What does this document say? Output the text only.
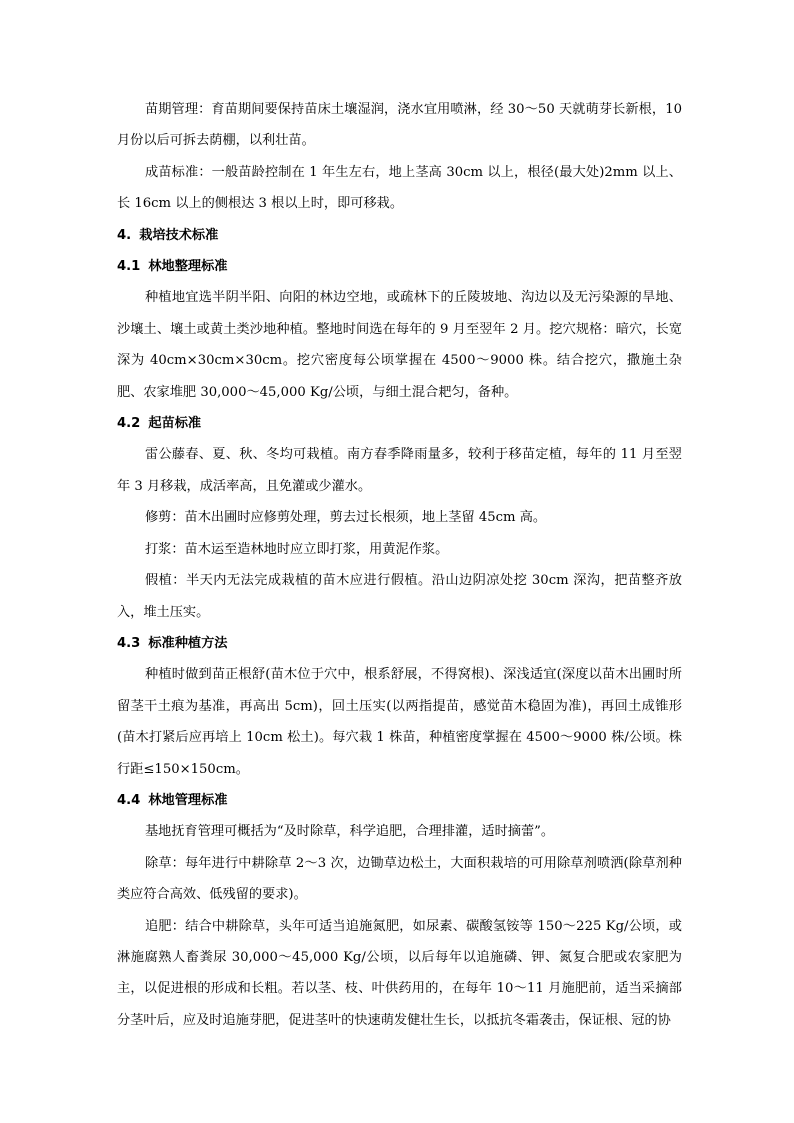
苗期管理：育苗期间要保持苗床土壤湿润，浇水宜用喷淋，经 30～50 天就萌芽长新根，10 月份以后可拆去荫棚，以利壮苗。

成苗标准：一般苗龄控制在 1 年生左右，地上茎高 30cm 以上，根径(最大处)2mm 以上、长 16cm 以上的侧根达 3 根以上时，即可移栽。

4. 栽培技术标准

4.1 林地整理标准

种植地宜选半阴半阳、向阳的林边空地，或疏林下的丘陵坡地、沟边以及无污染源的旱地、沙壤土、壤土或黄土类沙地种植。整地时间选在每年的 9 月至翌年 2 月。挖穴规格：暗穴，长宽深为 40cm×30cm×30cm。挖穴密度每公顷掌握在 4500～9000 株。结合挖穴，撒施土杂肥、农家堆肥 30,000～45,000 Kg/公顷，与细土混合耙匀，备种。

4.2 起苗标准

雷公藤春、夏、秋、冬均可栽植。南方春季降雨量多，较利于移苗定植，每年的 11 月至翌年 3 月移栽，成活率高，且免灌或少灌水。

修剪：苗木出圃时应修剪处理，剪去过长根须，地上茎留 45cm 高。

打浆：苗木运至造林地时应立即打浆，用黄泥作浆。

假植：半天内无法完成栽植的苗木应进行假植。沿山边阴凉处挖 30cm 深沟，把苗整齐放入，堆土压实。

4.3 标准种植方法

种植时做到苗正根舒(苗木位于穴中，根系舒展，不得窝根)、深浅适宜(深度以苗木出圃时所留茎干土痕为基准，再高出 5cm)，回土压实(以两指提苗，感觉苗木稳固为准)，再回土成锥形(苗木打紧后应再培上 10cm 松土)。每穴栽 1 株苗，种植密度掌握在 4500～9000 株/公顷。株行距≤150×150cm。

4.4 林地管理标准

基地抚育管理可概括为“及时除草，科学追肥，合理排灌，适时摘蕾”。

除草：每年进行中耕除草 2～3 次，边锄草边松土，大面积栽培的可用除草剂喷洒(除草剂种类应符合高效、低残留的要求)。

追肥：结合中耕除草，头年可适当追施氮肥，如尿素、碳酸氢铵等 150～225 Kg/公顷，或淋施腐熟人畜粪尿 30,000～45,000 Kg/公顷，以后每年以追施磷、钾、氮复合肥或农家肥为主，以促进根的形成和长粗。若以茎、枝、叶供药用的，在每年 10～11 月施肥前，适当采摘部分茎叶后，应及时追施芽肥，促进茎叶的快速萌发健壮生长，以抵抗冬霜袭击，保证根、冠的协
